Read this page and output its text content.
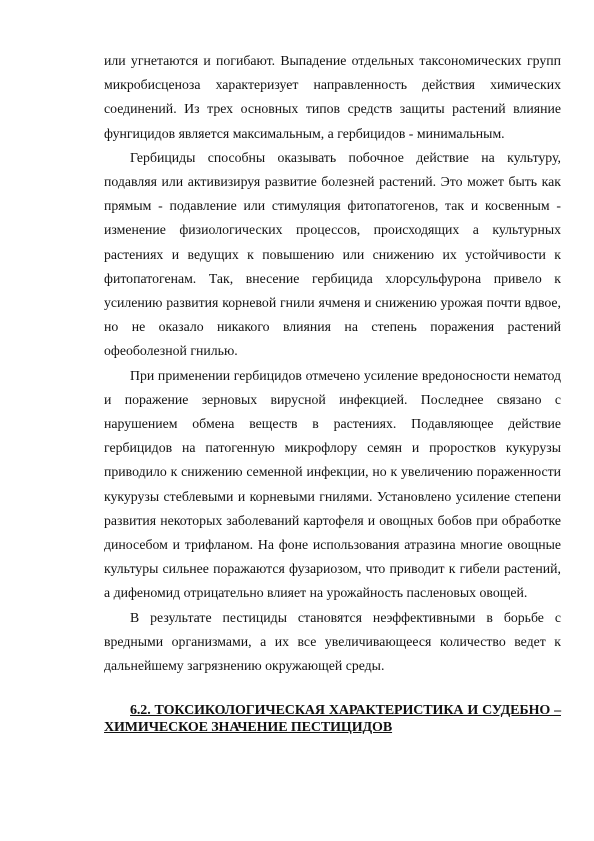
или угнетаются и погибают. Выпадение отдельных таксономических групп микробисценоза характеризует направленность действия химических соединений. Из трех основных типов средств защиты растений влияние фунгицидов является максимальным, а гербицидов - минимальным.

Гербициды способны оказывать побочное действие на культуру, подавляя или активизируя развитие болезней растений. Это может быть как прямым - подавление или стимуляция фитопатогенов, так и косвенным - изменение физиологических процессов, происходящих а культурных растениях и ведущих к повышению или снижению их устойчивости к фитопатогенам. Так, внесение гербицида хлорсульфурона привело к усилению развития корневой гнили ячменя и снижению урожая почти вдвое, но не оказало никакого влияния на степень поражения растений офеоболезной гнилью.

При применении гербицидов отмечено усиление вредоносности нематод и поражение зерновых вирусной инфекцией. Последнее связано с нарушением обмена веществ в растениях. Подавляющее действие гербицидов на патогенную микрофлору семян и проростков кукурузы приводило к снижению семенной инфекции, но к увеличению пораженности кукурузы стеблевыми и корневыми гнилями. Установлено усиление степени развития некоторых заболеваний картофеля и овощных бобов при обработке диносебом и трифланом. На фоне использования атразина многие овощные культуры сильнее поражаются фузариозом, что приводит к гибели растений, а дифеномид отрицательно влияет на урожайность пасленовых овощей.

В результате пестициды становятся неэффективными в борьбе с вредными организмами, а их все увеличивающееся количество ведет к дальнейшему загрязнению окружающей среды.

6.2. ТОКСИКОЛОГИЧЕСКАЯ ХАРАКТЕРИСТИКА И СУДЕБНО – ХИМИЧЕСКОЕ ЗНАЧЕНИЕ ПЕСТИЦИДОВ
